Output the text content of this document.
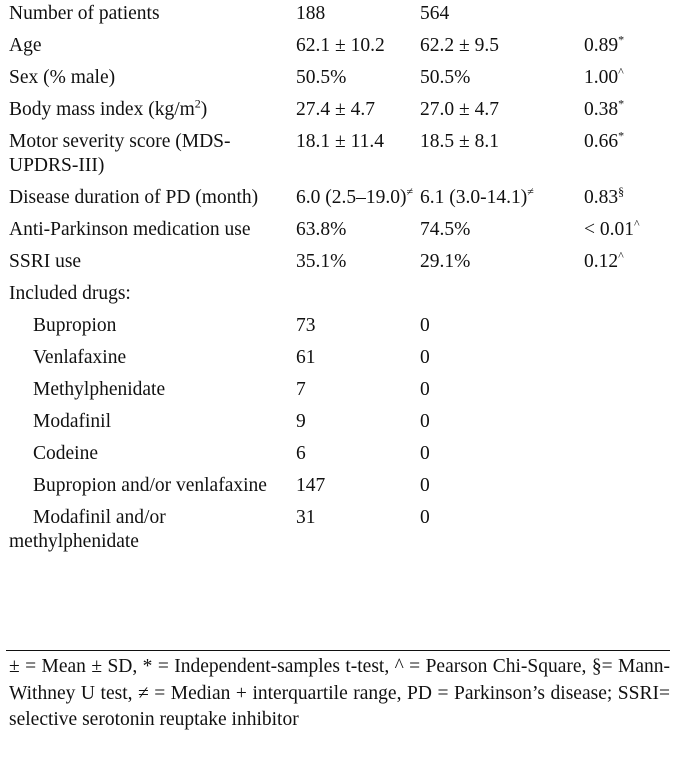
Number of patients	188	564	
Age	62.1 ± 10.2	62.2 ± 9.5	0.89*
Sex (% male)	50.5%	50.5%	1.00^
Body mass index $(kg/m^2)$	27.4 ± 4.7	27.0 ± 4.7	0.38*
Motor severity score (MDS-UPDRS-III)	18.1 ± 11.4	18.5 ± 8.1	0.66*
Disease duration of PD (month)	6.0 (2.5–19.0)≠	6.1 (3.0-14.1)≠	0.83§
Anti-Parkinson medication use	63.8%	74.5%	< 0.01^
SSRI use	35.1%	29.1%	0.12^
Included drugs:			
Bupropion	73	0	
Venlafaxine	61	0	
Methylphenidate	7	0	
Modafinil	9	0	
Codeine	6	0	
Bupropion and/or venlafaxine	147	0	
Modafinil and/or methylphenidate	31	0	
± = Mean ± SD, * = Independent-samples t-test, ^ = Pearson Chi-Square, §= Mann-Withney U test, ≠ = Median + interquartile range, PD = Parkinson’s disease; SSRI= selective serotonin reuptake inhibitor
